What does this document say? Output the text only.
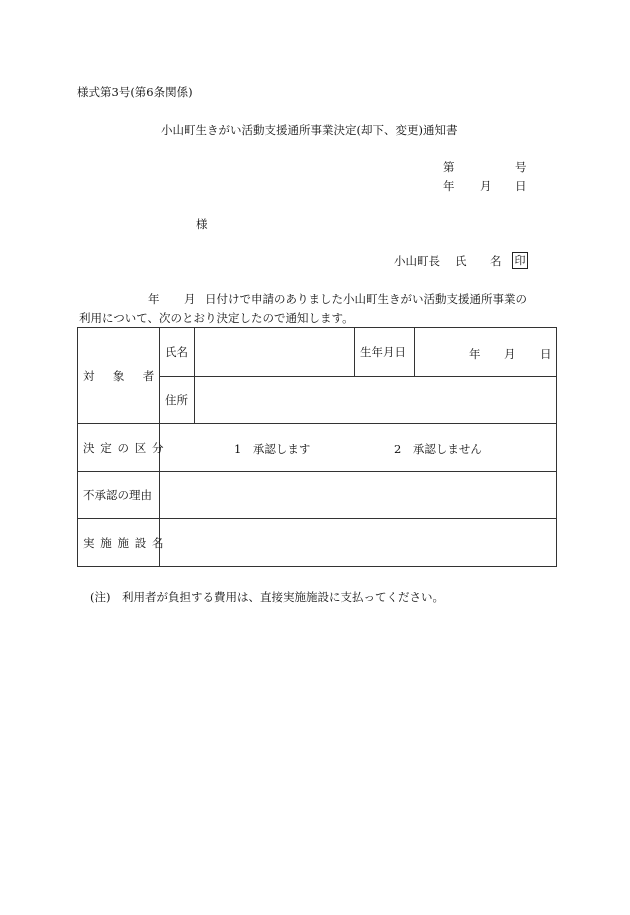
様式第3号(第6条関係)
小山町生きがい活動支援通所事業決定(却下、変更)通知書
第	号
年 月 日
様
小山町長 氏 名 印
年 月 日付けで申請のありました小山町生きがい活動支援通所事業の
利用について、次のとおり決定したので通知します。
対象者	氏名		生年月日	年 月 日

	住所			
決定の区分	1　承認します 2　承認しません			

不承認の理由				
実施施設名				
(注)　利用者が負担する費用は、直接実施施設に支払ってください。
